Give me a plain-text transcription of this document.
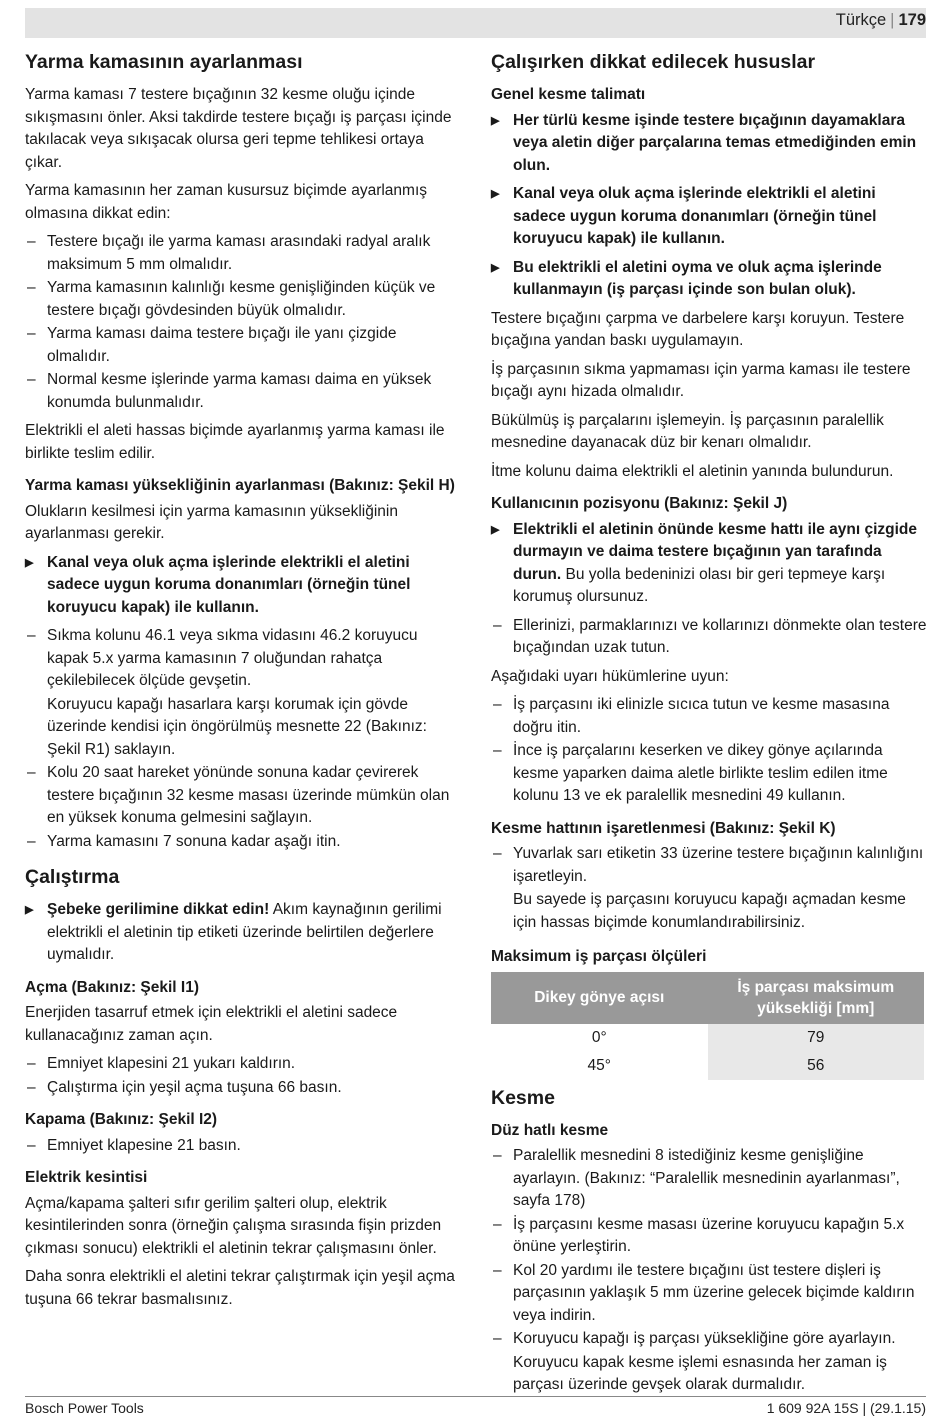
Türkçe | 179
Yarma kamasının ayarlanması

Yarma kaması 7 testere bıçağının 32 kesme oluğu içinde sıkışmasını önler. Aksi takdirde testere bıçağı iş parçası içinde takılacak veya sıkışacak olursa geri tepme tehlikesi ortaya çıkar.

Yarma kamasının her zaman kusursuz biçimde ayarlanmış olmasına dikkat edin:

– Testere bıçağı ile yarma kaması arasındaki radyal aralık maksimum 5 mm olmalıdır.
– Yarma kamasının kalınlığı kesme genişliğinden küçük ve testere bıçağı gövdesinden büyük olmalıdır.
– Yarma kaması daima testere bıçağı ile yanı çizgide olmalıdır.
– Normal kesme işlerinde yarma kaması daima en yüksek konumda bulunmalıdır.

Elektrikli el aleti hassas biçimde ayarlanmış yarma kaması ile birlikte teslim edilir.

Yarma kaması yüksekliğinin ayarlanması (Bakınız: Şekil H)

Olukların kesilmesi için yarma kamasının yüksekliğinin ayarlanması gerekir.

▶ Kanal veya oluk açma işlerinde elektrikli el aletini sadece uygun koruma donanımları (örneğin tünel koruyucu kapak) ile kullanın.
– Sıkma kolunu 46.1 veya sıkma vidasını 46.2 koruyucu kapak 5.x yarma kamasının 7 oluğundan rahatça çekilebilecek ölçüde gevşetin.
Koruyucu kapağı hasarlara karşı korumak için gövde üzerinde kendisi için öngörülmüş mesnette 22 (Bakınız: Şekil R1) saklayın.
– Kolu 20 saat hareket yönünde sonuna kadar çevirerek testere bıçağının 32 kesme masası üzerinde mümkün olan en yüksek konuma gelmesini sağlayın.
– Yarma kamasını 7 sonuna kadar aşağı itin.
Çalıştırma
▶ Şebeke gerilimine dikkat edin! Akım kaynağının gerilimi elektrikli el aletinin tip etiketi üzerinde belirtilen değerlere uymalıdır.
Açma (Bakınız: Şekil I1)

Enerjiden tasarruf etmek için elektrikli el aletini sadece kullanacağınız zaman açın.

– Emniyet klapesini 21 yukarı kaldırın.
– Çalıştırma için yeşil açma tuşuna 66 basın.
Kapama (Bakınız: Şekil I2)
– Emniyet klapesine 21 basın.
Elektrik kesintisi

Açma/kapama şalteri sıfır gerilim şalteri olup, elektrik kesintilerinden sonra (örneğin çalışma sırasında fişin prizden çıkması sonucu) elektrikli el aletinin tekrar çalışmasını önler.

Daha sonra elektrikli el aletini tekrar çalıştırmak için yeşil açma tuşuna 66 tekrar basmalısınız.

Çalışırken dikkat edilecek hususlar
Genel kesme talimatı
▶ Her türlü kesme işinde testere bıçağının dayamaklara veya aletin diğer parçalarına temas etmediğinden emin olun.
▶ Kanal veya oluk açma işlerinde elektrikli el aletini sadece uygun koruma donanımları (örneğin tünel koruyucu kapak) ile kullanın.
▶ Bu elektrikli el aletini oyma ve oluk açma işlerinde kullanmayın (iş parçası içinde son bulan oluk).

Testere bıçağını çarpma ve darbelere karşı koruyun. Testere bıçağına yandan baskı uygulamayın.

İş parçasının sıkma yapmaması için yarma kaması ile testere bıçağı aynı hizada olmalıdır.

Bükülmüş iş parçalarını işlemeyin. İş parçasının paralellik mesnedine dayanacak düz bir kenarı olmalıdır.

İtme kolunu daima elektrikli el aletinin yanında bulundurun.

Kullanıcının pozisyonu (Bakınız: Şekil J)
▶ Elektrikli el aletinin önünde kesme hattı ile aynı çizgide durmayın ve daima testere bıçağının yan tarafında durun. Bu yolla bedeninizi olası bir geri tepmeye karşı korumuş olursunuz.
– Ellerinizi, parmaklarınızı ve kollarınızı dönmekte olan testere bıçağından uzak tutun.

Aşağıdaki uyarı hükümlerine uyun:

– İş parçasını iki elinizle sıcıca tutun ve kesme masasına doğru itin.
– İnce iş parçalarını keserken ve dikey gönye açılarında kesme yaparken daima aletle birlikte teslim edilen itme kolunu 13 ve ek paralellik mesnedini 49 kullanın.
Kesme hattının işaretlenmesi (Bakınız: Şekil K)
– Yuvarlak sarı etiketin 33 üzerine testere bıçağının kalınlığını işaretleyin.
Bu sayede iş parçasını koruyucu kapağı açmadan kesme için hassas biçimde konumlandırabilirsiniz.
Maksimum iş parçası ölçüleri
Dikey gönye açısı	İş parçası maksimum yüksekliği [mm]
0°	79
45°	56
Kesme
Düz hatlı kesme
– Paralellik mesnedini 8 istediğiniz kesme genişliğine ayarlayın. (Bakınız: “Paralellik mesnedinin ayarlanması”, sayfa 178)
– İş parçasını kesme masası üzerine koruyucu kapağın 5.x önüne yerleştirin.
– Kol 20 yardımı ile testere bıçağını üst testere dişleri iş parçasının yaklaşık 5 mm üzerine gelecek biçimde kaldırın veya indirin.
– Koruyucu kapağı iş parçası yüksekliğine göre ayarlayın.
Koruyucu kapak kesme işlemi esnasında her zaman iş parçası üzerinde gevşek olarak durmalıdır.
Bosch Power Tools	1 609 92A 15S | (29.1.15)
